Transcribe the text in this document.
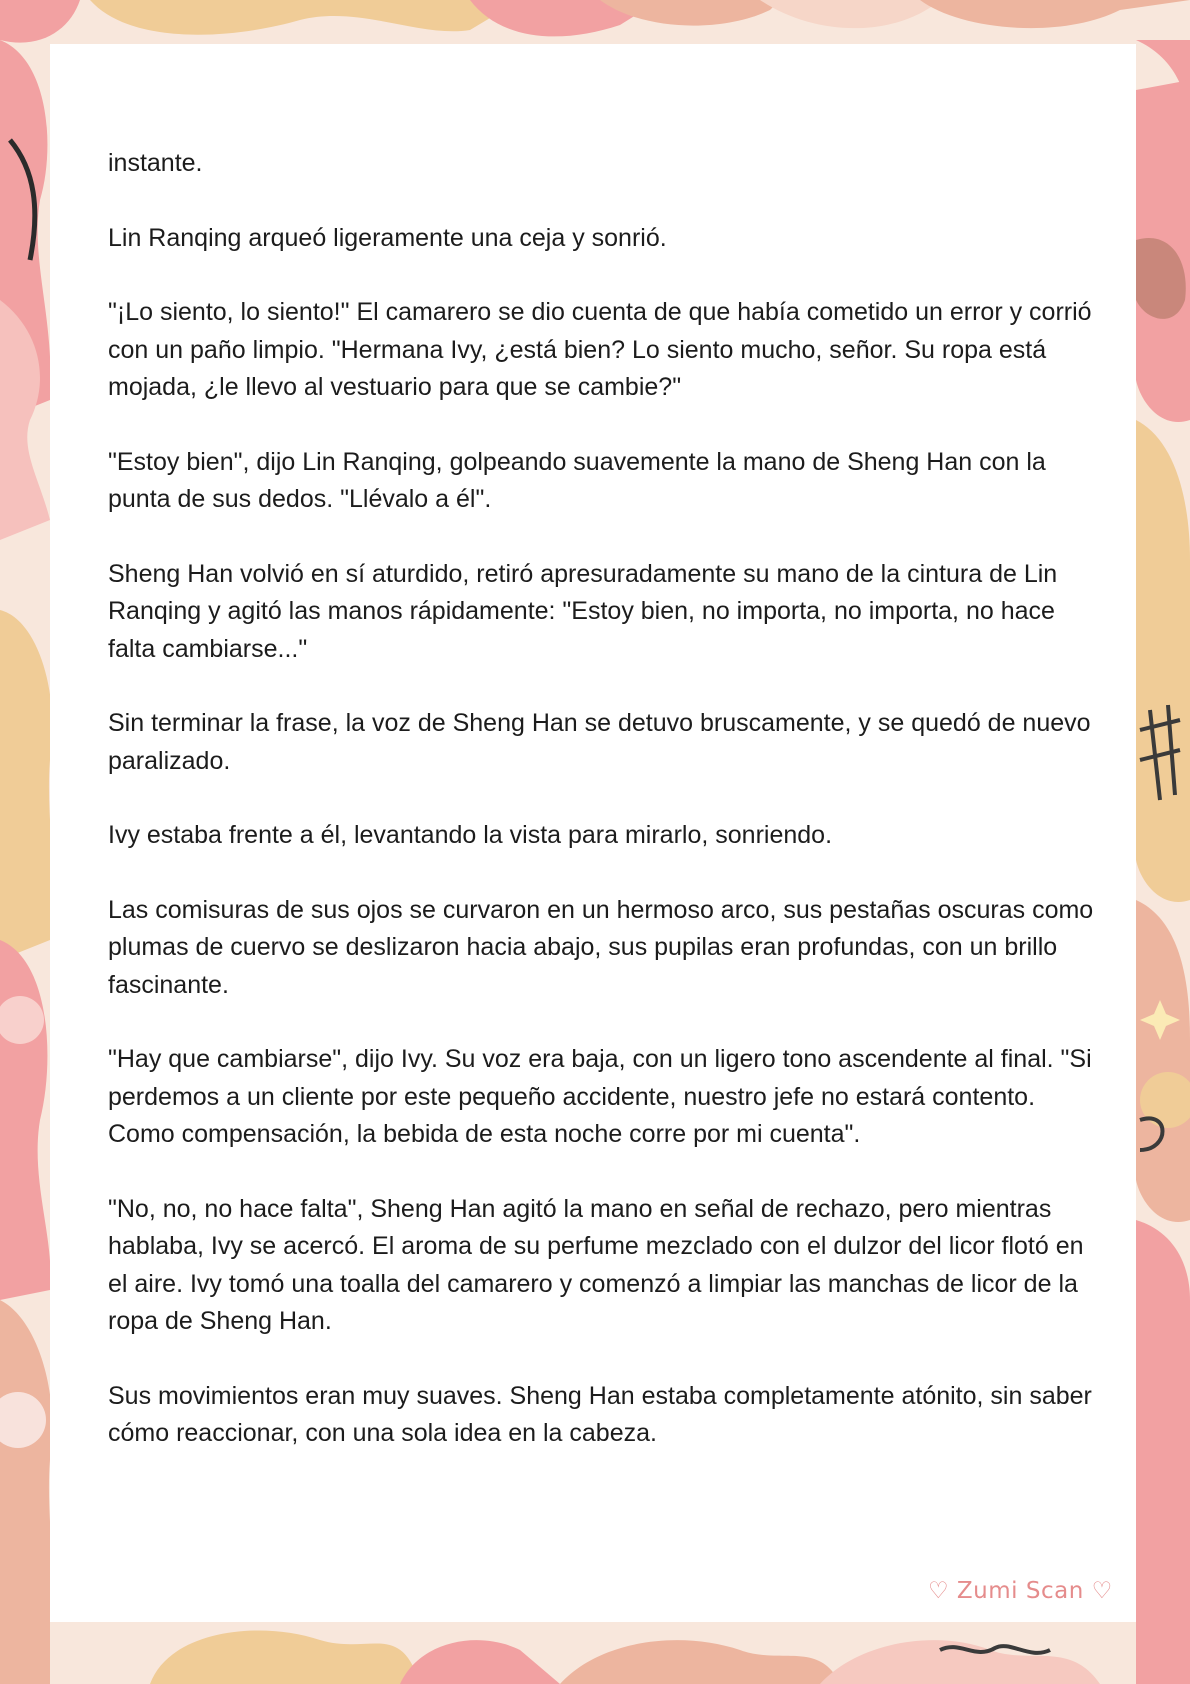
instante.

Lin Ranqing arqueó ligeramente una ceja y sonrió.

"¡Lo siento, lo siento!" El camarero se dio cuenta de que había cometido un error y corrió con un paño limpio. "Hermana Ivy, ¿está bien? Lo siento mucho, señor. Su ropa está mojada, ¿le llevo al vestuario para que se cambie?"

"Estoy bien", dijo Lin Ranqing, golpeando suavemente la mano de Sheng Han con la punta de sus dedos. "Llévalo a él".

Sheng Han volvió en sí aturdido, retiró apresuradamente su mano de la cintura de Lin Ranqing y agitó las manos rápidamente: "Estoy bien, no importa, no importa, no hace falta cambiarse..."

Sin terminar la frase, la voz de Sheng Han se detuvo bruscamente, y se quedó de nuevo paralizado.

Ivy estaba frente a él, levantando la vista para mirarlo, sonriendo.

Las comisuras de sus ojos se curvaron en un hermoso arco, sus pestañas oscuras como plumas de cuervo se deslizaron hacia abajo, sus pupilas eran profundas, con un brillo fascinante.

"Hay que cambiarse", dijo Ivy. Su voz era baja, con un ligero tono ascendente al final. "Si perdemos a un cliente por este pequeño accidente, nuestro jefe no estará contento. Como compensación, la bebida de esta noche corre por mi cuenta".

"No, no, no hace falta", Sheng Han agitó la mano en señal de rechazo, pero mientras hablaba, Ivy se acercó. El aroma de su perfume mezclado con el dulzor del licor flotó en el aire. Ivy tomó una toalla del camarero y comenzó a limpiar las manchas de licor de la ropa de Sheng Han.

Sus movimientos eran muy suaves. Sheng Han estaba completamente atónito, sin saber cómo reaccionar, con una sola idea en la cabeza.

♡ Zumi Scan ♡
